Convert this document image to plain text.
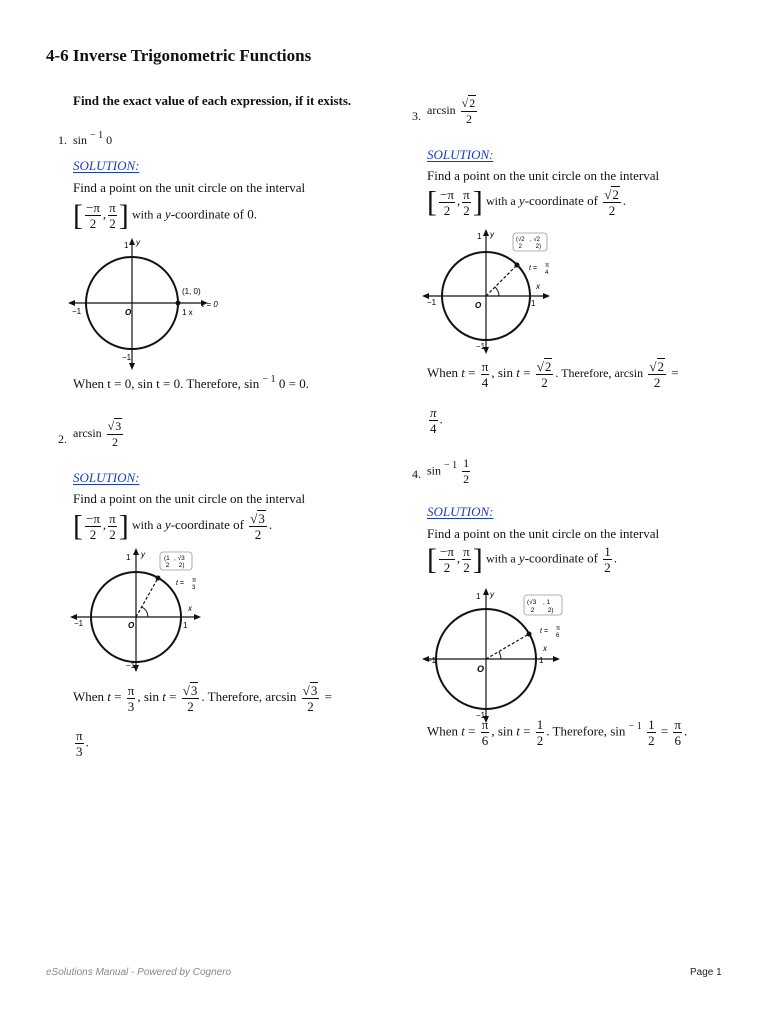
4-6 Inverse Trigonometric Functions
Find the exact value of each expression, if it exists.
1. sin $^{- 1}$ 0
SOLUTION:
Find a point on the unit circle on the interval
[ $\frac{-\pi}{2}$ , $\frac{\pi}{2}$ ] with a y-coordinate of 0.
y
1
−1	O	1 x
(1, 0)
t = 0
−1
When t = 0, sin t = 0. Therefore, sin $^{- 1}$ 0 = 0.
2. $\arcsin \frac{√3}{2}$
SOLUTION:
Find a point on the unit circle on the interval
[ $\frac{-\pi}{2}$ , $\frac{\pi}{2}$ ] with a y-coordinate of $\frac{√3}{2}$ .
y
1
−1	O	1
x
−1
(1
2
, √3
2)
t = π
3
When $t = \frac{\pi}{3}$ , $\sin t = \frac{√3}{2}$ . Therefore, $\arcsin \frac{√3}{2}$ =
$\frac{\pi}{3}$ .
3. $\arcsin \frac{√2}{2}$
SOLUTION:
Find a point on the unit circle on the interval
[ $\frac{-\pi}{2}$ , $\frac{\pi}{2}$ ] with a y-coordinate of $\frac{√2}{2}$ .
y
1
−1	O	1
x
−1
(√2
2
, √2
2)
t = π
4
When $t = \frac{\pi}{4}$ , $\sin t = \frac{√2}{2}$ . Therefore, $\arcsin \frac{√2}{2}$ =
$\frac{\pi}{4}$ .
4. $\sin ^{- 1} \frac{1}{2}$
SOLUTION:
Find a point on the unit circle on the interval
[ $\frac{-\pi}{2}$ , $\frac{\pi}{2}$ ] with a y-coordinate of $\frac{1}{2}$ .
y
1
−1
O
1
x
−1
(√3
2
, 1
2)
t = π
6
When $t = \frac{\pi}{6}$ , $\sin t = \frac{1}{2}$ . Therefore, $\sin ^{- 1} \frac{1}{2} = \frac{\pi}{6}$ .
eSolutions Manual - Powered by Cognero	Page 1
